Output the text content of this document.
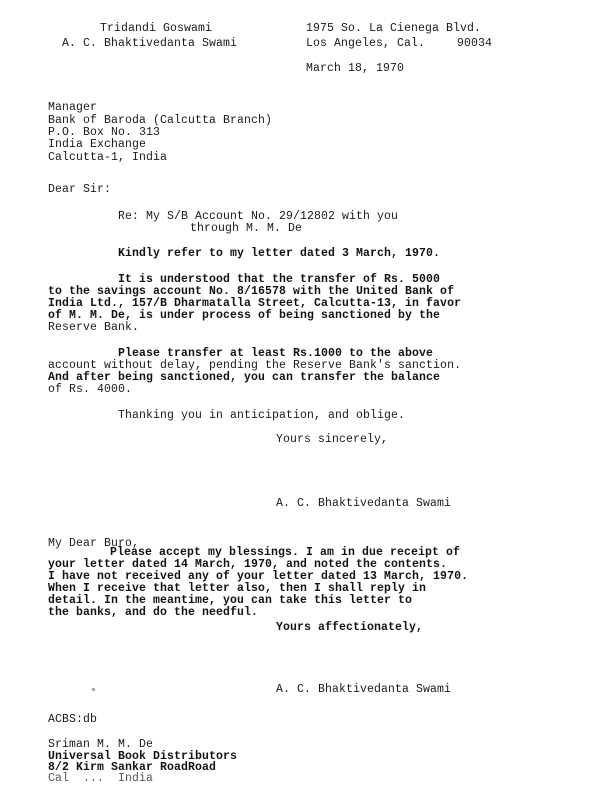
Tridandi Goswami
A. C. Bhaktivedanta Swami
1975 So. La Cienega Blvd.
Los Angeles, Cal.	90034
March 18, 1970
Manager
Bank of Baroda (Calcutta Branch)
P.O. Box No. 313
India Exchange
Calcutta-1, India
Dear Sir:
Re: My S/B Account No. 29/12802 with you
through M. M. De
Kindly refer to my letter dated 3 March, 1970.
It is understood that the transfer of Rs. 5000
to the savings account No. 8/16578 with the United Bank of
India Ltd., 157/B Dharmatalla Street, Calcutta-13, in favor
of M. M. De, is under process of being sanctioned by the
Reserve Bank.
Please transfer at least Rs.1000 to the above
account without delay, pending the Reserve Bank's sanction.
And after being sanctioned, you can transfer the balance
of Rs. 4000.
Thanking you in anticipation, and oblige.
Yours sincerely,
A. C. Bhaktivedanta Swami
My Dear Buro,
Please accept my blessings. I am in due receipt of
your letter dated 14 March, 1970, and noted the contents.
I have not received any of your letter dated 13 March, 1970.
When I receive that letter also, then I shall reply in
detail. In the meantime, you can take this letter to
the banks, and do the needful.
Yours affectionately,
A. C. Bhaktivedanta Swami
ACBS:db
Sriman M. M. De
Universal Book Distributors
8/2 Kirm Sankar RoadRoad
Cal  ...  India
